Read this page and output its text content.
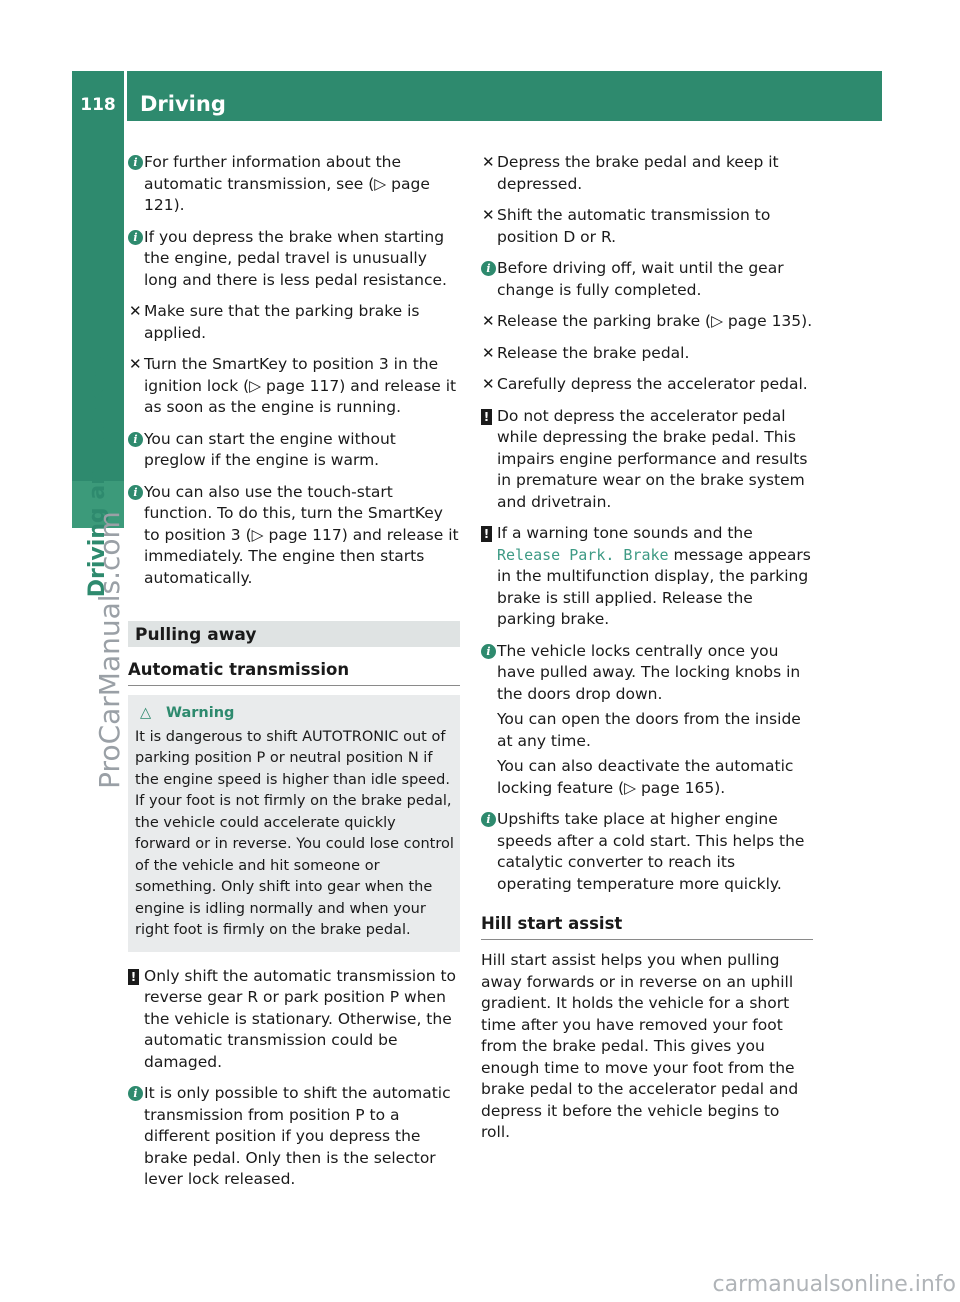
118	Driving
Driving and parking
ProCarManuals.com
i For further information about the automatic transmission, see (▷ page 121).

i If you depress the brake when starting the engine, pedal travel is unusually long and there is less pedal resistance.

✕ Make sure that the parking brake is applied.

✕ Turn the SmartKey to position 3 in the ignition lock (▷ page 117) and release it as soon as the engine is running.

i You can start the engine without preglow if the engine is warm.

i You can also use the touch-start function. To do this, turn the SmartKey to position 3 (▷ page 117) and release it immediately. The engine then starts automatically.

Pulling away
Automatic transmission
△ Warning

It is dangerous to shift AUTOTRONIC out of parking position P or neutral position N if the engine speed is higher than idle speed. If your foot is not firmly on the brake pedal, the vehicle could accelerate quickly forward or in reverse. You could lose control of the vehicle and hit someone or something. Only shift into gear when the engine is idling normally and when your right foot is firmly on the brake pedal.

! Only shift the automatic transmission to reverse gear R or park position P when the vehicle is stationary. Otherwise, the automatic transmission could be damaged.

i It is only possible to shift the automatic transmission from position P to a different position if you depress the brake pedal. Only then is the selector lever lock released.

✕ Depress the brake pedal and keep it depressed.

✕ Shift the automatic transmission to position D or R.

i Before driving off, wait until the gear change is fully completed.

✕ Release the parking brake (▷ page 135).

✕ Release the brake pedal.

✕ Carefully depress the accelerator pedal.

! Do not depress the accelerator pedal while depressing the brake pedal. This impairs engine performance and results in premature wear on the brake system and drivetrain.

! If a warning tone sounds and the Release Park. Brake message appears in the multifunction display, the parking brake is still applied. Release the parking brake.

i The vehicle locks centrally once you have pulled away. The locking knobs in the doors drop down.

You can open the doors from the inside at any time.

You can also deactivate the automatic locking feature (▷ page 165).

i Upshifts take place at higher engine speeds after a cold start. This helps the catalytic converter to reach its operating temperature more quickly.

Hill start assist

Hill start assist helps you when pulling away forwards or in reverse on an uphill gradient. It holds the vehicle for a short time after you have removed your foot from the brake pedal. This gives you enough time to move your foot from the brake pedal to the accelerator pedal and depress it before the vehicle begins to roll.

carmanualsonline.info
